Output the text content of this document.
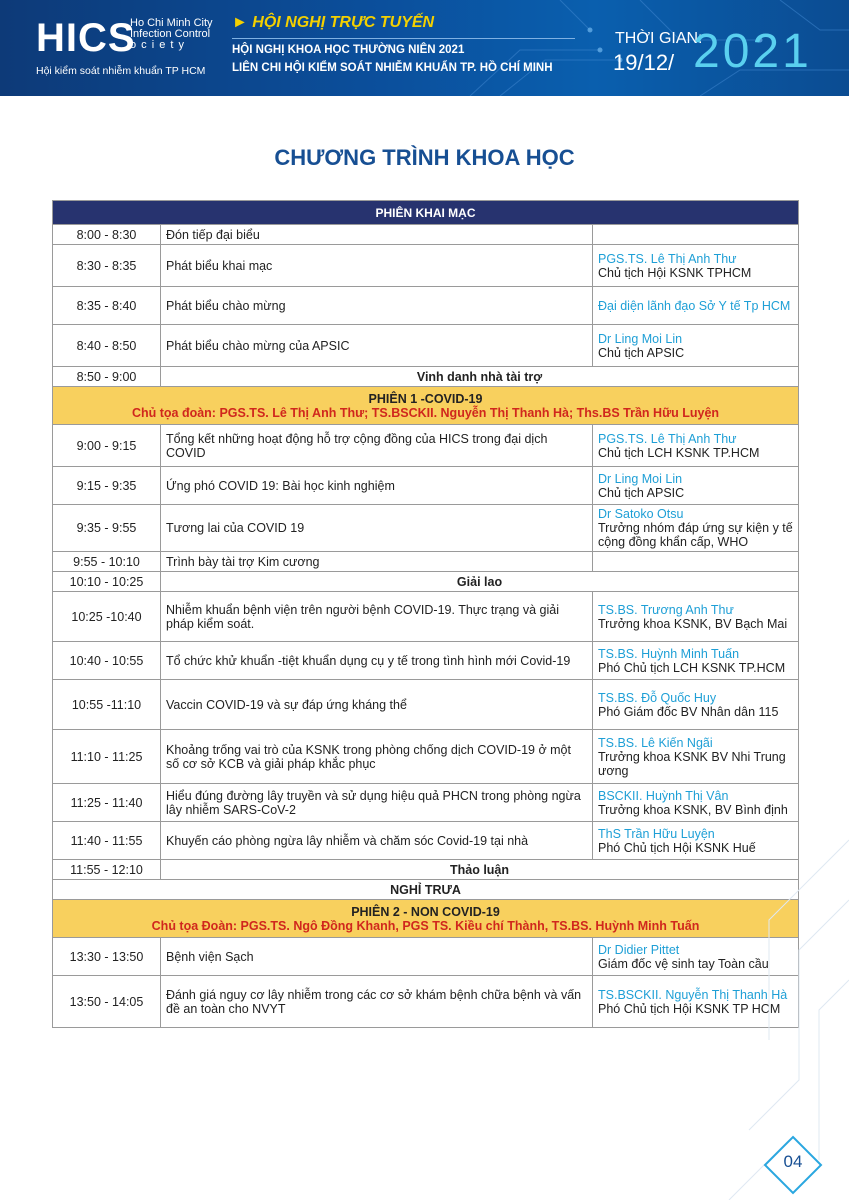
HICS
Ho Chi Minh City
Infection Control
o c i e t y
Hội kiểm soát nhiễm khuẩn TP HCM
► HỘI NGHỊ TRỰC TUYẾN
HỘI NGHỊ KHOA HỌC THƯỜNG NIÊN 2021
LIÊN CHI HỘI KIỂM SOÁT NHIỄM KHUẨN TP. HỒ CHÍ MINH
THỜI GIAN:
19/12/ 2021
CHƯƠNG TRÌNH KHOA HỌC
PHIÊN KHAI MẠC		
8:00 - 8:30	Đón tiếp đại biểu	

8:30 - 8:35	Phát biểu khai mạc	PGS.TS. Lê Thị Anh Thư
Chủ tịch Hội KSNK TPHCM

8:35 - 8:40	Phát biểu chào mừng	Đại diện lãnh đạo Sở Y tế Tp HCM

8:40 - 8:50	Phát biểu chào mừng của APSIC	Dr Ling Moi Lin
Chủ tịch APSIC

8:50 - 9:00	Vinh danh nhà tài trợ	

PHIÊN 1 -COVID-19
Chủ tọa đoàn: PGS.TS. Lê Thị Anh Thư; TS.BSCKII. Nguyễn Thị Thanh Hà; Ths.BS Trần Hữu Luyện		

9:00 - 9:15	Tổng kết những hoạt động hỗ trợ cộng đồng của HICS trong đại dịch COVID	PGS.TS. Lê Thị Anh Thư
Chủ tịch LCH KSNK TP.HCM

9:15 - 9:35	Ứng phó COVID 19: Bài học kinh nghiệm	Dr Ling Moi Lin
Chủ tịch APSIC

9:35 - 9:55	Tương lai của COVID 19	Dr Satoko Otsu
Trưởng nhóm đáp ứng sự kiện y tế cộng đồng khẩn cấp, WHO

9:55 - 10:10	Trình bày tài trợ Kim cương	

10:10 - 10:25	Giải lao	
10:25 -10:40	Nhiễm khuẩn bệnh viện trên người bệnh COVID-19. Thực trạng và giải pháp kiểm soát.	TS.BS. Trương Anh Thư
Trưởng khoa KSNK, BV Bạch Mai

10:40 - 10:55	Tổ chức khử khuẩn -tiệt khuẩn dụng cụ y tế trong tình hình mới Covid-19	TS.BS. Huỳnh Minh Tuấn
Phó Chủ tịch LCH KSNK TP.HCM

10:55 -11:10	Vaccin COVID-19 và sự đáp ứng kháng thể	TS.BS. Đỗ Quốc Huy
Phó Giám đốc BV Nhân dân 115

11:10 - 11:25	Khoảng trống vai trò của KSNK trong phòng chống dịch COVID-19 ở một số cơ sở KCB và giải pháp khắc phục	TS.BS. Lê Kiến Ngãi
Trưởng khoa KSNK BV Nhi Trung ương

11:25 - 11:40	Hiểu đúng đường lây truyền và sử dụng hiệu quả PHCN trong phòng ngừa lây nhiễm SARS-CoV-2	BSCKII. Huỳnh Thị Vân
Trưởng khoa KSNK, BV Bình định

11:40 - 11:55	Khuyến cáo phòng ngừa lây nhiễm và chăm sóc Covid-19 tại nhà	ThS Trần Hữu Luyện
Phó Chủ tịch Hội KSNK Huế

11:55 - 12:10	Thảo luận	
NGHỈ TRƯA		

PHIÊN 2 - NON COVID-19
Chủ tọa Đoàn: PGS.TS. Ngô Đồng Khanh, PGS TS. Kiều chí Thành, TS.BS. Huỳnh Minh Tuấn		

13:30 - 13:50	Bệnh viện Sạch	Dr Didier Pittet
Giám đốc vệ sinh tay Toàn cầu

13:50 - 14:05	Đánh giá nguy cơ lây nhiễm trong các cơ sở khám bệnh chữa bệnh và vấn đề an toàn cho NVYT	TS.BSCKII. Nguyễn Thị Thanh Hà
Phó Chủ tịch Hội KSNK TP HCM
04
